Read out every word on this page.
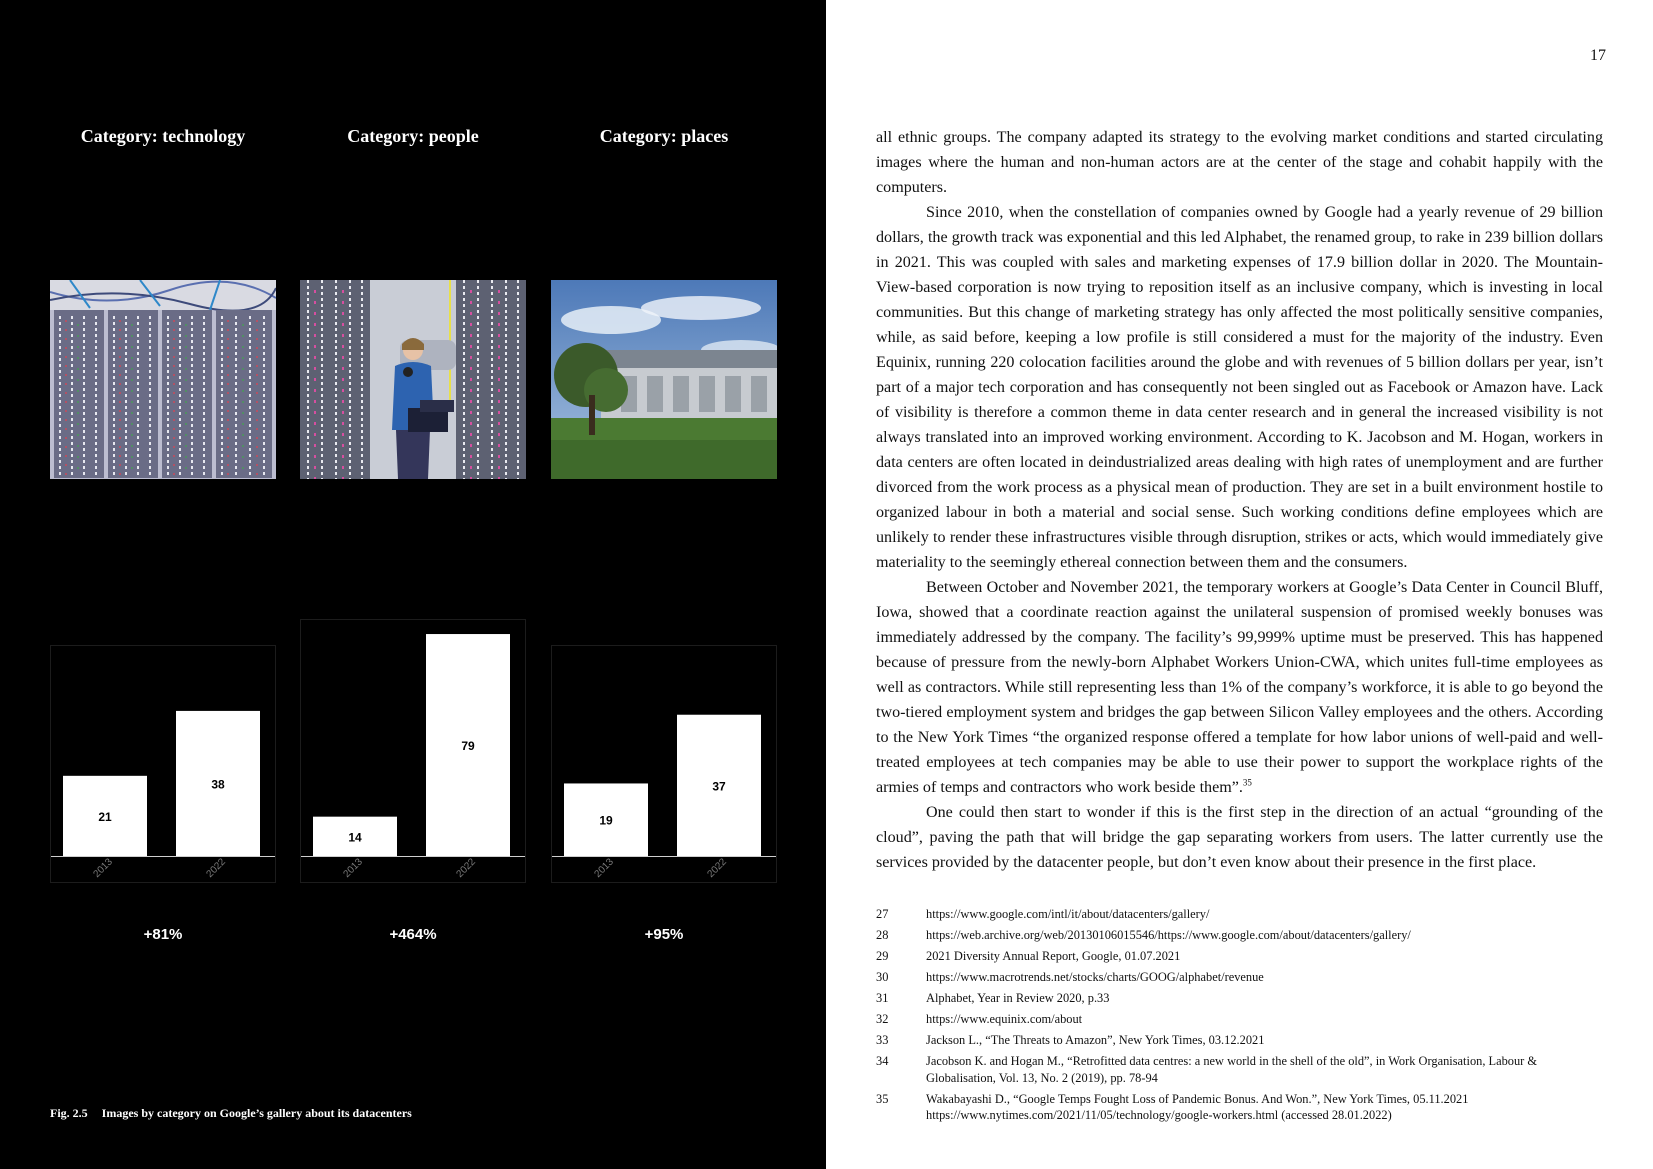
Category: technology	Category: people	Category: places
21
2013
38
2022
14
2013
79
2022
19
2013
37
2022
+81%	+464%	+95%
Fig. 2.5 Images by category on Google’s gallery about its datacenters
17

all ethnic groups. The company adapted its strategy to the evolving market conditions and started circulating images where the human and non-human actors are at the center of the stage and cohabit happily with the computers.

Since 2010, when the constellation of companies owned by Google had a yearly revenue of 29 billion dollars, the growth track was exponential and this led Alphabet, the renamed group, to rake in 239 billion dollars in 2021. This was coupled with sales and marketing expenses of 17.9 billion dollar in 2020. The Mountain-View-based corporation is now trying to reposition itself as an inclusive company, which is investing in local communities. But this change of marketing strategy has only affected the most politically sensitive companies, while, as said before, keeping a low profile is still considered a must for the majority of the industry. Even Equinix, running 220 colocation facilities around the globe and with revenues of 5 billion dollars per year, isn’t part of a major tech corporation and has consequently not been singled out as Facebook or Amazon have. Lack of visibility is therefore a common theme in data center research and in general the increased visibility is not always translated into an improved working environment. According to K. Jacobson and M. Hogan, workers in data centers are often located in deindustrialized areas dealing with high rates of unemployment and are further divorced from the work process as a physical mean of production. They are set in a built environment hostile to organized labour in both a material and social sense. Such working conditions define employees which are unlikely to render these infrastructures visible through disruption, strikes or acts, which would immediately give materiality to the seemingly ethereal connection between them and the consumers.

Between October and November 2021, the temporary workers at Google’s Data Center in Council Bluff, Iowa, showed that a coordinate reaction against the unilateral suspension of promised weekly bonuses was immediately addressed by the company. The facility’s 99,999% uptime must be preserved. This has happened because of pressure from the newly-born Alphabet Workers Union-CWA, which unites full-time employees as well as contractors. While still representing less than 1% of the company’s workforce, it is able to go beyond the two-tiered employment system and bridges the gap between Silicon Valley employees and the others. According to the New York Times “the organized response offered a template for how labor unions of well-paid and well-treated employees at tech companies may be able to use their power to support the workplace rights of the armies of temps and contractors who work beside them”.$^{35}$

One could then start to wonder if this is the first step in the direction of an actual “grounding of the cloud”, paving the path that will bridge the gap separating workers from users. The latter currently use the services provided by the datacenter people, but don’t even know about their presence in the first place.

27	https://www.google.com/intl/it/about/datacenters/gallery/
28	https://web.archive.org/web/20130106015546/https://www.google.com/about/datacenters/gallery/
29	2021 Diversity Annual Report, Google, 01.07.2021
30	https://www.macrotrends.net/stocks/charts/GOOG/alphabet/revenue
31	Alphabet, Year in Review 2020, p.33
32	https://www.equinix.com/about
33	Jackson L., “The Threats to Amazon”, New York Times, 03.12.2021
34	Jacobson K. and Hogan M., “Retrofitted data centres: a new world in the shell of the old”, in Work Organisation, Labour & Globalisation, Vol. 13, No. 2 (2019), pp. 78-94
35	Wakabayashi D., “Google Temps Fought Loss of Pandemic Bonus. And Won.”, New York Times, 05.11.2021
https://www.nytimes.com/2021/11/05/technology/google-workers.html (accessed 28.01.2022)
